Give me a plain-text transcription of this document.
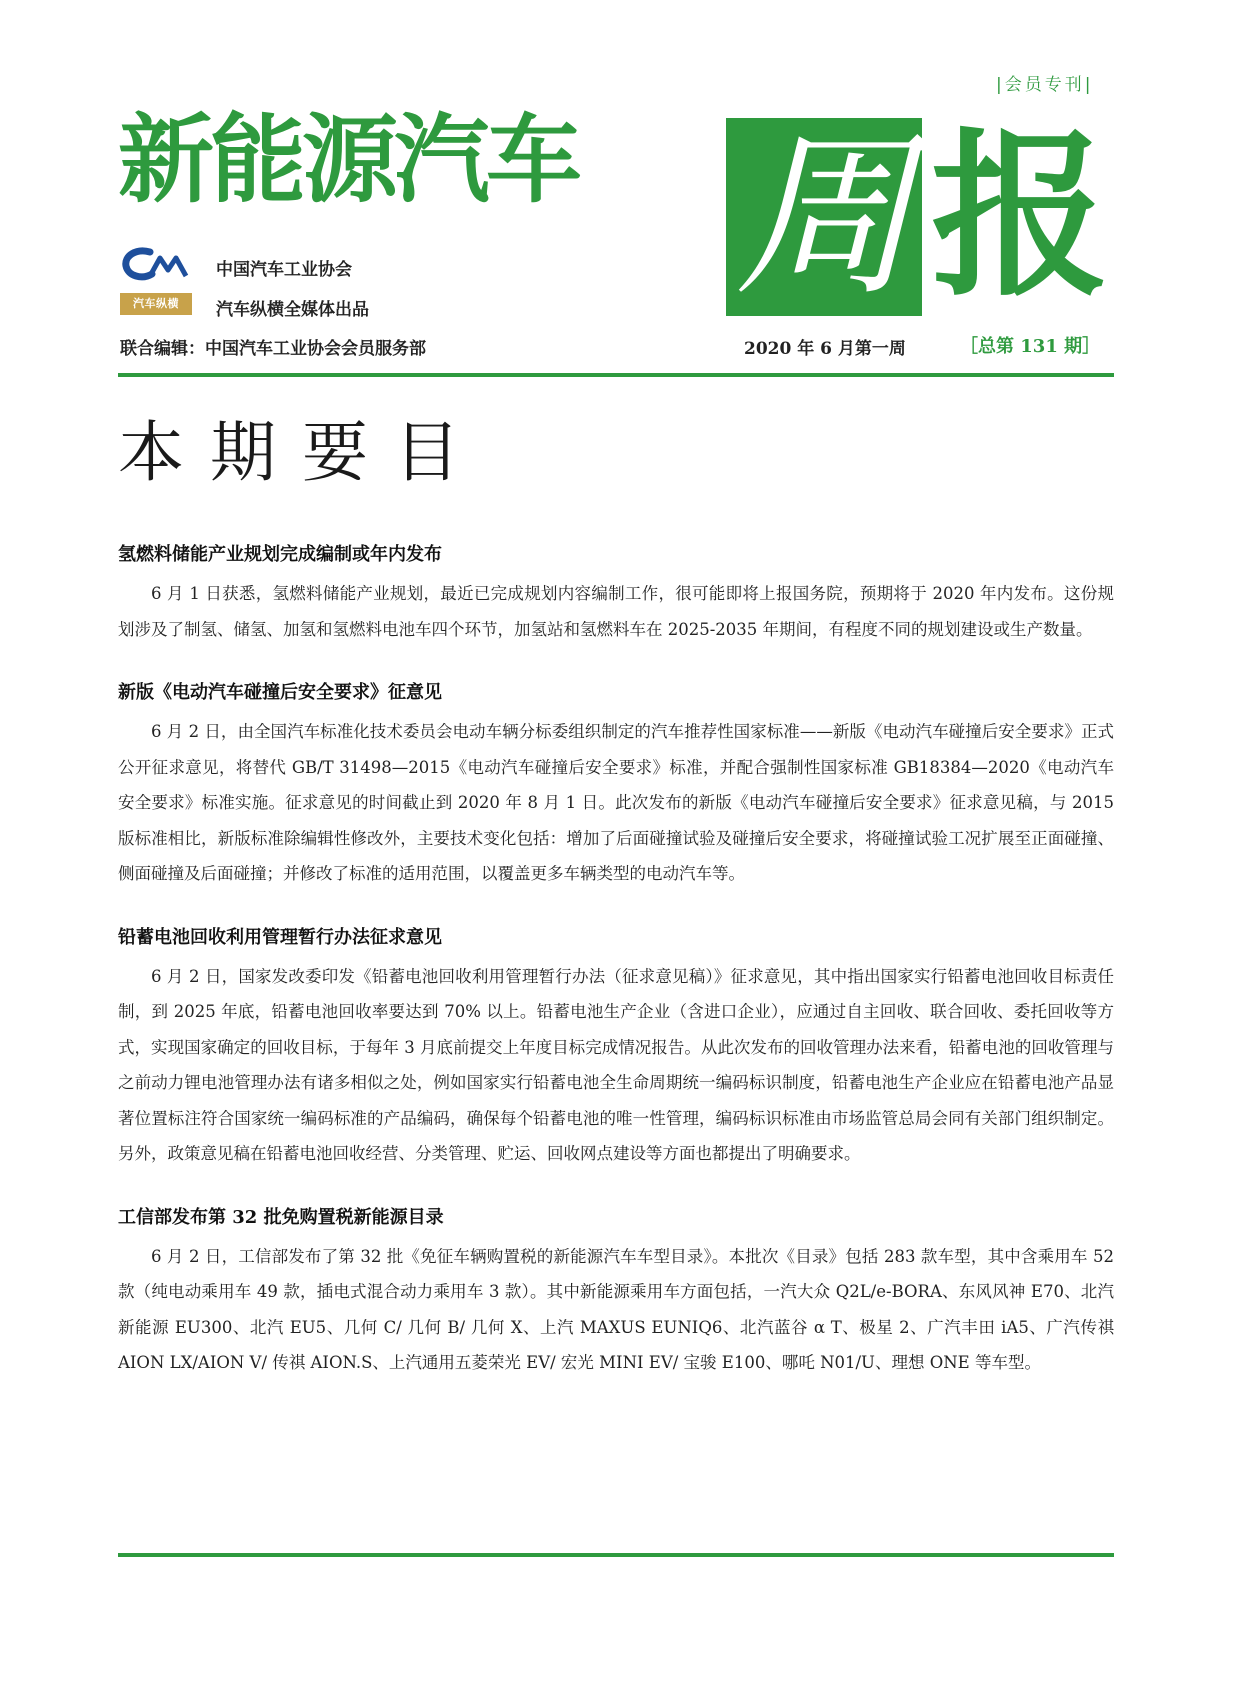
|会员专刊|
新能源汽车 周 报
中国汽车工业协会
汽车纵横	汽车纵横全媒体出品
联合编辑：中国汽车工业协会会员服务部	2020 年 6 月第一周	［总第 131 期］
本期要目
氢燃料储能产业规划完成编制或年内发布

6 月 1 日获悉，氢燃料储能产业规划，最近已完成规划内容编制工作，很可能即将上报国务院，预期将于 2020 年内发布。这份规划涉及了制氢、储氢、加氢和氢燃料电池车四个环节，加氢站和氢燃料车在 2025-2035 年期间，有程度不同的规划建设或生产数量。

新版《电动汽车碰撞后安全要求》征意见

6 月 2 日，由全国汽车标准化技术委员会电动车辆分标委组织制定的汽车推荐性国家标准——新版《电动汽车碰撞后安全要求》正式公开征求意见，将替代 GB/T 31498—2015《电动汽车碰撞后安全要求》标准，并配合强制性国家标准 GB18384—2020《电动汽车安全要求》标准实施。征求意见的时间截止到 2020 年 8 月 1 日。此次发布的新版《电动汽车碰撞后安全要求》征求意见稿，与 2015 版标准相比，新版标准除编辑性修改外，主要技术变化包括：增加了后面碰撞试验及碰撞后安全要求，将碰撞试验工况扩展至正面碰撞、侧面碰撞及后面碰撞；并修改了标准的适用范围，以覆盖更多车辆类型的电动汽车等。

铅蓄电池回收利用管理暂行办法征求意见

6 月 2 日，国家发改委印发《铅蓄电池回收利用管理暂行办法（征求意见稿）》征求意见，其中指出国家实行铅蓄电池回收目标责任制，到 2025 年底，铅蓄电池回收率要达到 70% 以上。铅蓄电池生产企业（含进口企业），应通过自主回收、联合回收、委托回收等方式，实现国家确定的回收目标，于每年 3 月底前提交上年度目标完成情况报告。从此次发布的回收管理办法来看，铅蓄电池的回收管理与之前动力锂电池管理办法有诸多相似之处，例如国家实行铅蓄电池全生命周期统一编码标识制度，铅蓄电池生产企业应在铅蓄电池产品显著位置标注符合国家统一编码标准的产品编码，确保每个铅蓄电池的唯一性管理，编码标识标准由市场监管总局会同有关部门组织制定。另外，政策意见稿在铅蓄电池回收经营、分类管理、贮运、回收网点建设等方面也都提出了明确要求。

工信部发布第 32 批免购置税新能源目录

6 月 2 日，工信部发布了第 32 批《免征车辆购置税的新能源汽车车型目录》。本批次《目录》包括 283 款车型，其中含乘用车 52 款（纯电动乘用车 49 款，插电式混合动力乘用车 3 款）。其中新能源乘用车方面包括，一汽大众 Q2L/e-BORA、东风风神 E70、北汽新能源 EU300、北汽 EU5、几何 C/ 几何 B/ 几何 X、上汽 MAXUS EUNIQ6、北汽蓝谷 α T、极星 2、广汽丰田 iA5、广汽传祺 AION LX/AION V/ 传祺 AION.S、上汽通用五菱荣光 EV/ 宏光 MINI EV/ 宝骏 E100、哪吒 N01/U、理想 ONE 等车型。
